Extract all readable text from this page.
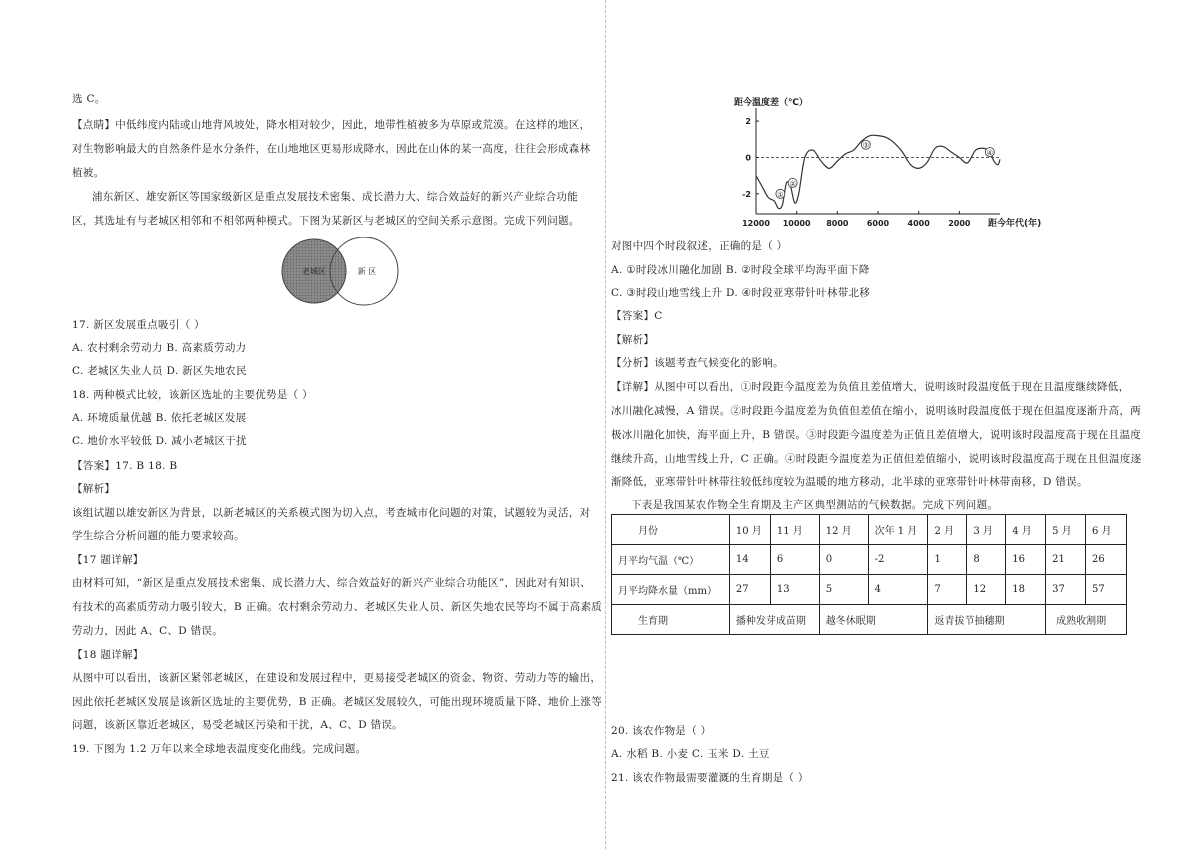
选 C。
【点睛】中低纬度内陆或山地背风坡处，降水相对较少，因此，地带性植被多为草原或荒漠。在这样的地区，
对生物影响最大的自然条件是水分条件，在山地地区更易形成降水，因此在山体的某一高度，往往会形成森林
植被。
浦东新区、雄安新区等国家级新区是重点发展技术密集、成长潜力大、综合效益好的新兴产业综合功能
区，其选址有与老城区相邻和不相邻两种模式。下图为某新区与老城区的空间关系示意图。完成下列问题。
老城区	新 区
17. 新区发展重点吸引（ ）
A. 农村剩余劳动力 B. 高素质劳动力
C. 老城区失业人员 D. 新区失地农民
18. 两种模式比较，该新区选址的主要优势是（ ）
A. 环境质量优越 B. 依托老城区发展
C. 地价水平较低 D. 减小老城区干扰
【答案】17. B 18. B
【解析】
该组试题以雄安新区为背景，以新老城区的关系模式图为切入点，考查城市化问题的对策，试题较为灵活，对
学生综合分析问题的能力要求较高。
【17 题详解】
由材料可知，“新区是重点发展技术密集、成长潜力大、综合效益好的新兴产业综合功能区”，因此对有知识、
有技术的高素质劳动力吸引较大，B 正确。农村剩余劳动力、老城区失业人员、新区失地农民等均不属于高素质
劳动力，因此 A、C、D 错误。
【18 题详解】
从图中可以看出，该新区紧邻老城区，在建设和发展过程中，更易接受老城区的资金、物资、劳动力等的输出，
因此依托老城区发展是该新区选址的主要优势，B 正确。老城区发展较久，可能出现环境质量下降、地价上涨等
问题，该新区靠近老城区，易受老城区污染和干扰，A、C、D 错误。
19. 下图为 1.2 万年以来全球地表温度变化曲线。完成问题。
距今温度差（℃）
距今年代(年)
2
0
-2
12000 10000 8000 6000 4000 2000
①
②
③
④
对图中四个时段叙述，正确的是（ ）
A. ①时段冰川融化加剧 B. ②时段全球平均海平面下降
C. ③时段山地雪线上升 D. ④时段亚寒带针叶林带北移
【答案】C
【解析】
【分析】该题考查气候变化的影响。
【详解】从图中可以看出，①时段距今温度差为负值且差值增大，说明该时段温度低于现在且温度继续降低，
冰川融化减慢，A 错误。②时段距今温度差为负值但差值在缩小，说明该时段温度低于现在但温度逐渐升高，两
极冰川融化加快，海平面上升，B 错误。③时段距今温度差为正值且差值增大，说明该时段温度高于现在且温度
继续升高，山地雪线上升，C 正确。④时段距今温度差为正值但差值缩小，说明该时段温度高于现在且但温度逐
渐降低，亚寒带针叶林带往较低纬度较为温暖的地方移动，北半球的亚寒带针叶林带南移，D 错误。
下表是我国某农作物全生育期及主产区典型测站的气候数据。完成下列问题。
20. 该农作物是（ ）
A. 水稻 B. 小麦 C. 玉米 D. 土豆
21. 该农作物最需要灌溉的生育期是（ ）
月份	10 月	11 月	12 月	次年 1 月	2 月	3 月	4 月	5 月	6 月
月平均气温（℃）	14	6	0	-2	1	8	16	21	26
月平均降水量（mm）	27	13	5	4	7	12	18	37	57
生育期	播种发芽成苗期		越冬休眠期		返青拔节抽穗期			成熟收割期	
